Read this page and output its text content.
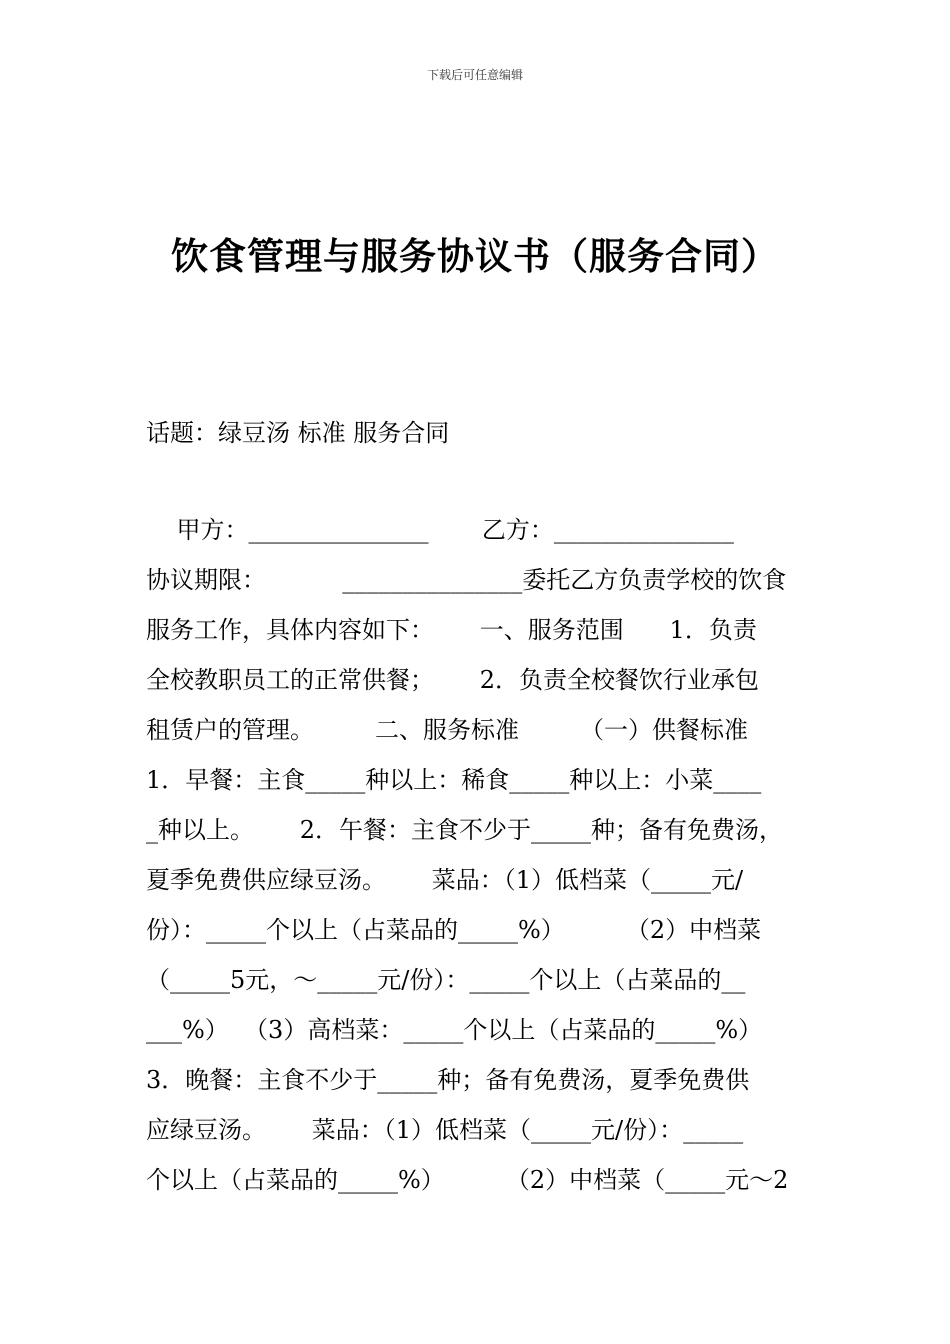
下载后可任意编辑
饮食管理与服务协议书（服务合同）
话题：绿豆汤 标准 服务合同
甲方：_______________       乙方：_______________
协议期限：          _______________委托乙方负责学校的饮食
服务工作，具体内容如下：      一、服务范围      1．负责
全校教职员工的正常供餐；      2．负责全校餐饮行业承包
租赁户的管理。        二、服务标准        （一）供餐标准
1．早餐：主食_____种以上：稀食_____种以上：小菜____
_种以上。      2．午餐：主食不少于_____种；备有免费汤，
夏季免费供应绿豆汤。      菜品：（1）低档菜（_____元/
份）：_____个以上（占菜品的_____%）        （2）中档菜
（_____5元，～_____元/份）：_____个以上（占菜品的__
___%）  （3）高档菜：_____个以上（占菜品的_____%）
3．晚餐：主食不少于_____种；备有免费汤，夏季免费供
应绿豆汤。      菜品：（1）低档菜（_____元/份）：_____
个以上（占菜品的_____%）        （2）中档菜（_____元～2
